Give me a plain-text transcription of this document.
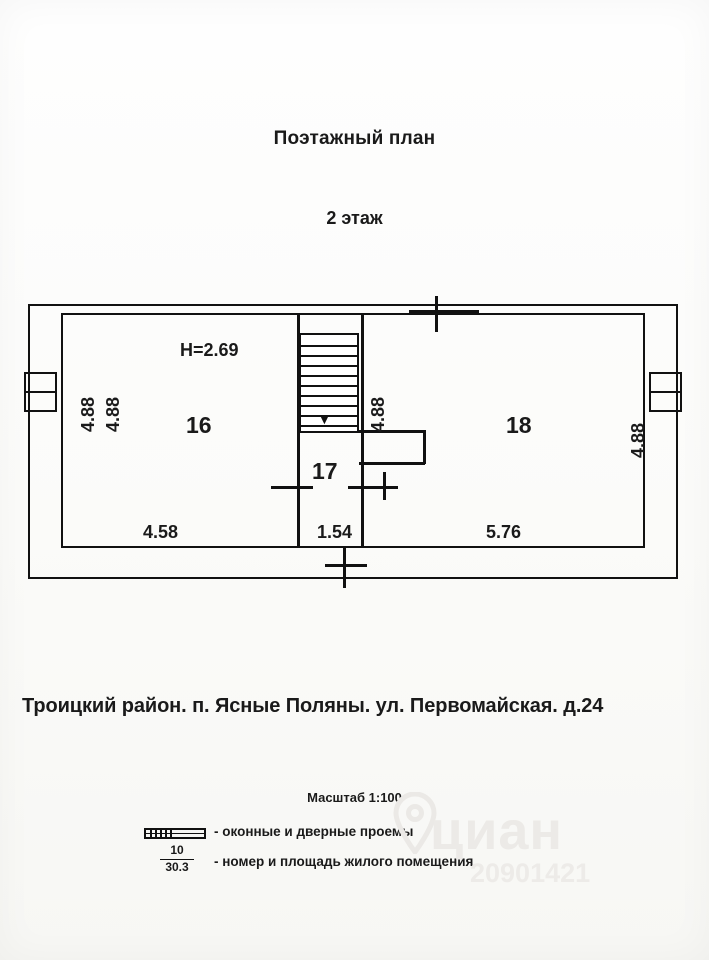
Поэтажный план
2 этаж
▼
H=2.69
16
17
18
4.88 4.88	4.88
4.88
4.58	1.54	5.76
Троицкий район. п. Ясные Поляны. ул. Первомайская. д.24
Масштаб 1:100
- оконные и дверные проемы
10
30.3	- номер и площадь жилого помещения
циан
20901421
